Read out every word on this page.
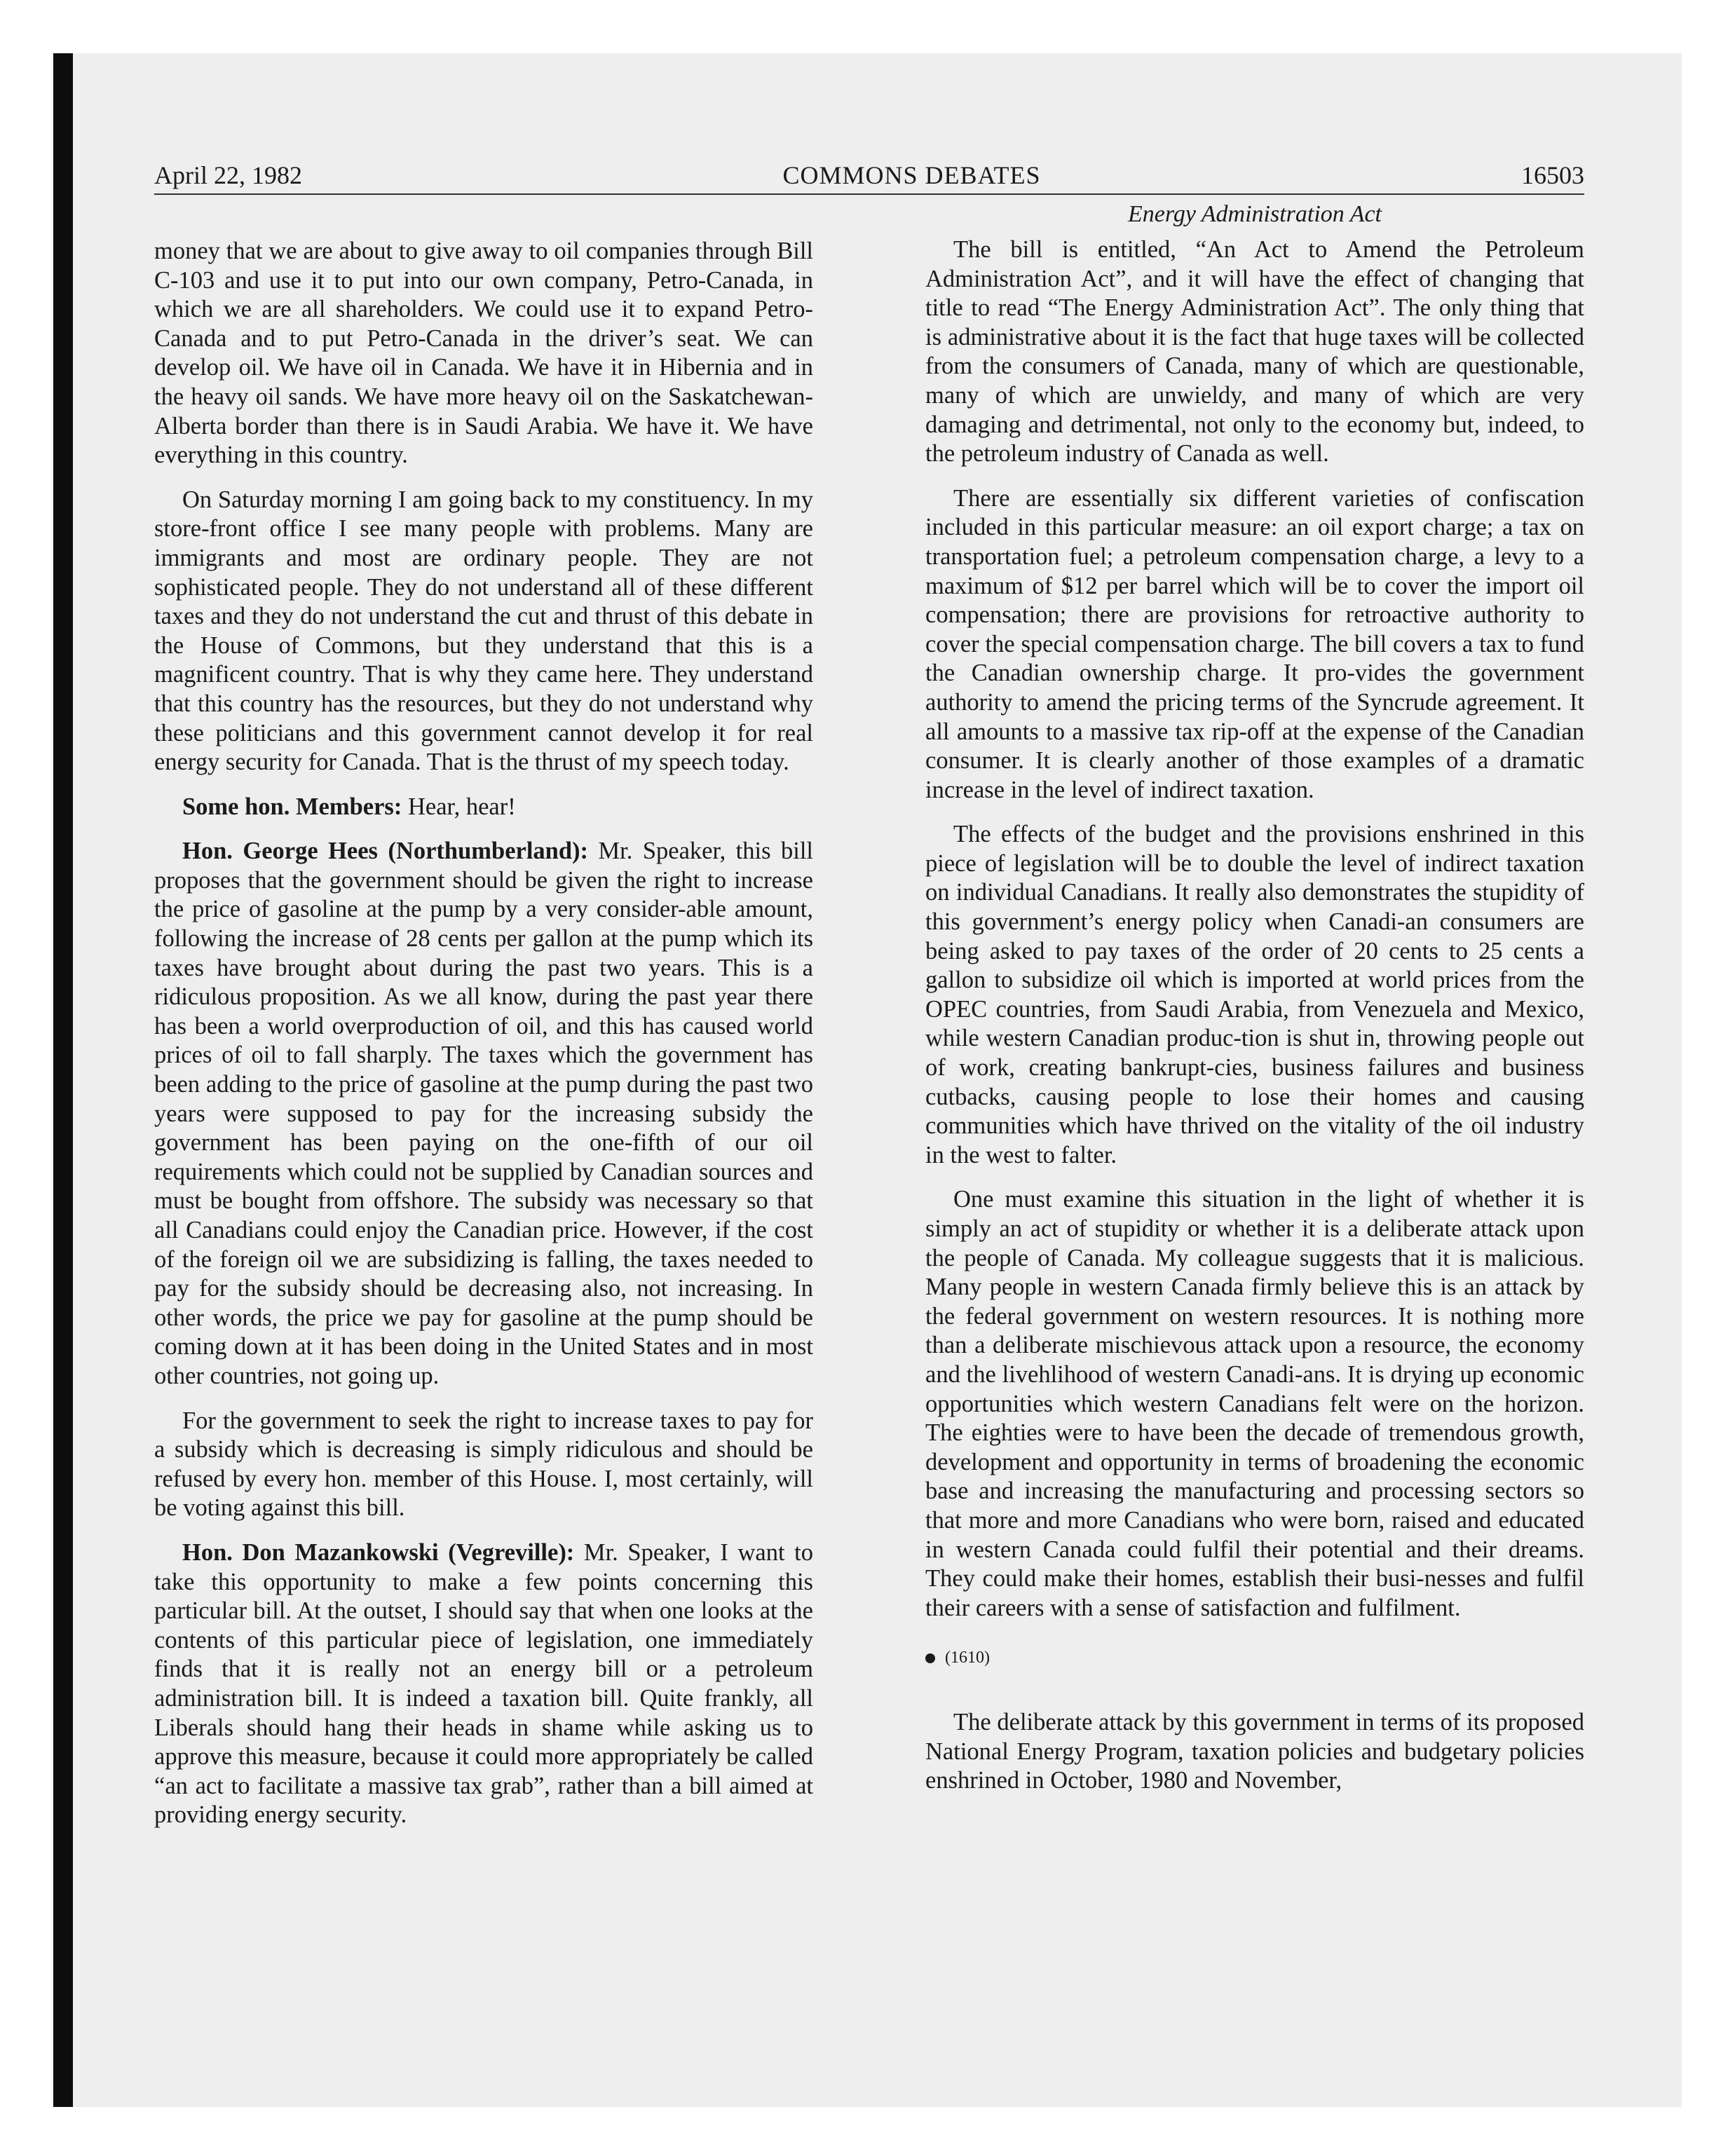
April 22, 1982	COMMONS DEBATES	16503

money that we are about to give away to oil companies through Bill C-103 and use it to put into our own company, Petro-Canada, in which we are all shareholders. We could use it to expand Petro-Canada and to put Petro-Canada in the driver’s seat. We can develop oil. We have oil in Canada. We have it in Hibernia and in the heavy oil sands. We have more heavy oil on the Saskatchewan-Alberta border than there is in Saudi Arabia. We have it. We have everything in this country.

On Saturday morning I am going back to my constituency. In my store-front office I see many people with problems. Many are immigrants and most are ordinary people. They are not sophisticated people. They do not understand all of these different taxes and they do not understand the cut and thrust of this debate in the House of Commons, but they understand that this is a magnificent country. That is why they came here. They understand that this country has the resources, but they do not understand why these politicians and this government cannot develop it for real energy security for Canada. That is the thrust of my speech today.

Some hon. Members: Hear, hear!

Hon. George Hees (Northumberland): Mr. Speaker, this bill proposes that the government should be given the right to increase the price of gasoline at the pump by a very consider-able amount, following the increase of 28 cents per gallon at the pump which its taxes have brought about during the past two years. This is a ridiculous proposition. As we all know, during the past year there has been a world overproduction of oil, and this has caused world prices of oil to fall sharply. The taxes which the government has been adding to the price of gasoline at the pump during the past two years were supposed to pay for the increasing subsidy the government has been paying on the one-fifth of our oil requirements which could not be supplied by Canadian sources and must be bought from offshore. The subsidy was necessary so that all Canadians could enjoy the Canadian price. However, if the cost of the foreign oil we are subsidizing is falling, the taxes needed to pay for the subsidy should be decreasing also, not increasing. In other words, the price we pay for gasoline at the pump should be coming down at it has been doing in the United States and in most other countries, not going up.

For the government to seek the right to increase taxes to pay for a subsidy which is decreasing is simply ridiculous and should be refused by every hon. member of this House. I, most certainly, will be voting against this bill.

Hon. Don Mazankowski (Vegreville): Mr. Speaker, I want to take this opportunity to make a few points concerning this particular bill. At the outset, I should say that when one looks at the contents of this particular piece of legislation, one immediately finds that it is really not an energy bill or a petroleum administration bill. It is indeed a taxation bill. Quite frankly, all Liberals should hang their heads in shame while asking us to approve this measure, because it could more appropriately be called “an act to facilitate a massive tax grab”, rather than a bill aimed at providing energy security.

Energy Administration Act

The bill is entitled, “An Act to Amend the Petroleum Administration Act”, and it will have the effect of changing that title to read “The Energy Administration Act”. The only thing that is administrative about it is the fact that huge taxes will be collected from the consumers of Canada, many of which are questionable, many of which are unwieldy, and many of which are very damaging and detrimental, not only to the economy but, indeed, to the petroleum industry of Canada as well.

There are essentially six different varieties of confiscation included in this particular measure: an oil export charge; a tax on transportation fuel; a petroleum compensation charge, a levy to a maximum of $12 per barrel which will be to cover the import oil compensation; there are provisions for retroactive authority to cover the special compensation charge. The bill covers a tax to fund the Canadian ownership charge. It pro-vides the government authority to amend the pricing terms of the Syncrude agreement. It all amounts to a massive tax rip-off at the expense of the Canadian consumer. It is clearly another of those examples of a dramatic increase in the level of indirect taxation.

The effects of the budget and the provisions enshrined in this piece of legislation will be to double the level of indirect taxation on individual Canadians. It really also demonstrates the stupidity of this government’s energy policy when Canadi-an consumers are being asked to pay taxes of the order of 20 cents to 25 cents a gallon to subsidize oil which is imported at world prices from the OPEC countries, from Saudi Arabia, from Venezuela and Mexico, while western Canadian produc-tion is shut in, throwing people out of work, creating bankrupt-cies, business failures and business cutbacks, causing people to lose their homes and causing communities which have thrived on the vitality of the oil industry in the west to falter.

One must examine this situation in the light of whether it is simply an act of stupidity or whether it is a deliberate attack upon the people of Canada. My colleague suggests that it is malicious. Many people in western Canada firmly believe this is an attack by the federal government on western resources. It is nothing more than a deliberate mischievous attack upon a resource, the economy and the livehlihood of western Canadi-ans. It is drying up economic opportunities which western Canadians felt were on the horizon. The eighties were to have been the decade of tremendous growth, development and opportunity in terms of broadening the economic base and increasing the manufacturing and processing sectors so that more and more Canadians who were born, raised and educated in western Canada could fulfil their potential and their dreams. They could make their homes, establish their busi-nesses and fulfil their careers with a sense of satisfaction and fulfilment.

(1610)

The deliberate attack by this government in terms of its proposed National Energy Program, taxation policies and budgetary policies enshrined in October, 1980 and November,
